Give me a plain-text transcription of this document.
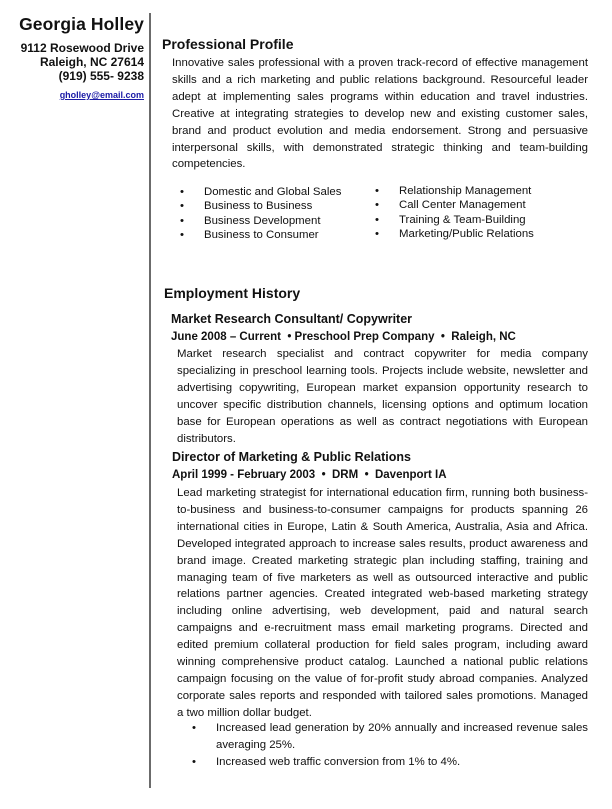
Georgia Holley
9112 Rosewood Drive
Raleigh, NC 27614
(919) 555- 9238
gholley@email.com
Professional Profile
Innovative sales professional with a proven track-record of effective management skills and a rich marketing and public relations background. Resourceful leader adept at implementing sales programs within education and travel industries. Creative at integrating strategies to develop new and existing customer sales, brand and product evolution and media endorsement. Strong and persuasive interpersonal skills, with demonstrated strategic thinking and team-building competencies.
• Domestic and Global Sales
• Business to Business
• Business Development
• Business to Consumer
• Relationship Management
• Call Center Management
• Training & Team-Building
• Marketing/Public Relations
Employment History
Market Research Consultant/ Copywriter
June 2008 – Current  • Preschool Prep Company  •  Raleigh, NC
Market research specialist and contract copywriter for media company specializing in preschool learning tools. Projects include website, newsletter and advertising copywriting, European market expansion opportunity research to uncover specific distribution channels, licensing options and optimum location base for European operations as well as contract negotiations with European distributors.
Director of Marketing & Public Relations
April 1999 - February 2003  •  DRM  •  Davenport IA
Lead marketing strategist for international education firm, running both business-to-business and business-to-consumer campaigns for products spanning 26 international cities in Europe, Latin & South America, Australia, Asia and Africa. Developed integrated approach to increase sales results, product awareness and brand image. Created marketing strategic plan including staffing, training and managing team of five marketers as well as outsourced interactive and public relations partner agencies. Created integrated web-based marketing strategy including online advertising, web development, paid and natural search campaigns and e-recruitment mass email marketing programs. Directed and edited premium collateral production for field sales program, including award winning comprehensive product catalog. Launched a national public relations campaign focusing on the value of for-profit study abroad companies. Analyzed corporate sales reports and responded with tailored sales promotions. Managed a two million dollar budget.
• Increased lead generation by 20% annually and increased revenue sales averaging 25%.
• Increased web traffic conversion from 1% to 4%.
